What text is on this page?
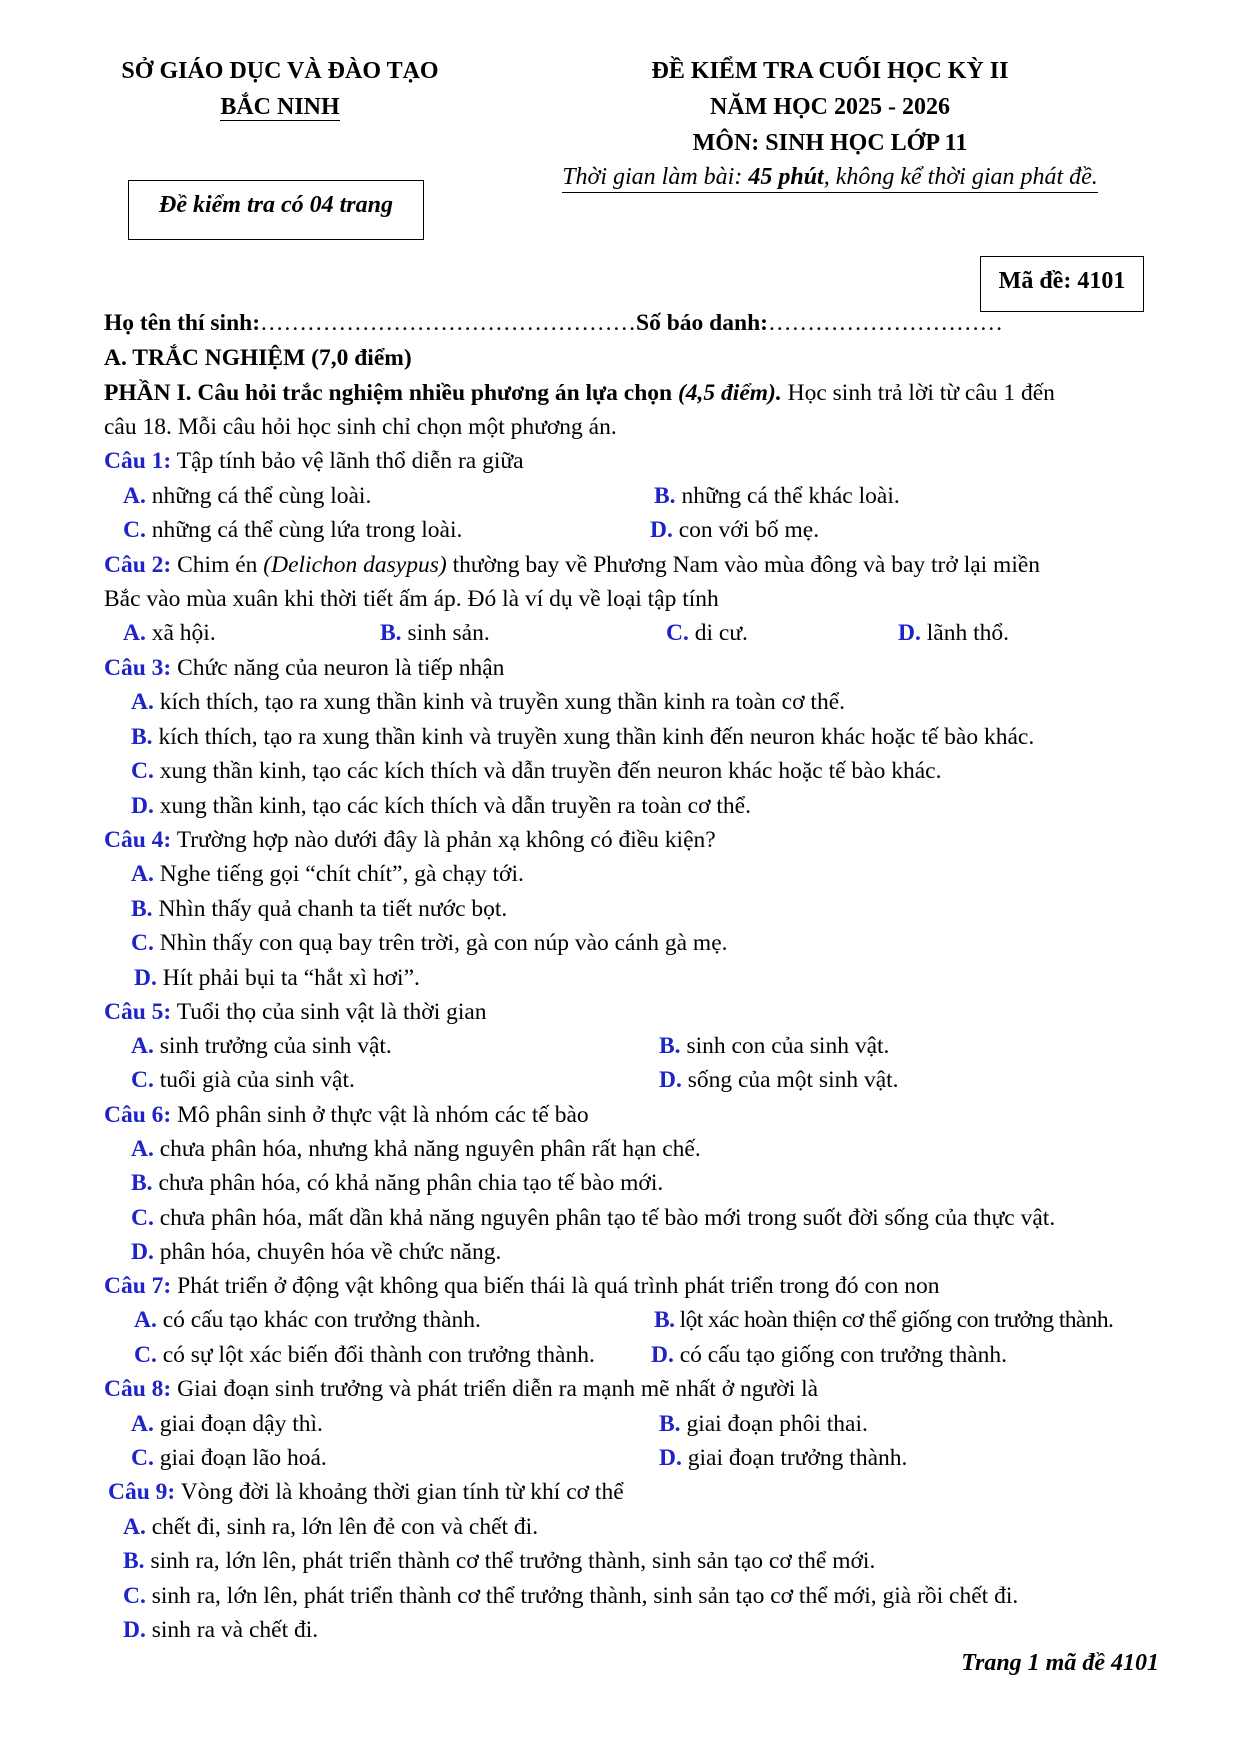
SỞ GIÁO DỤC VÀ ĐÀO TẠO
BẮC NINH
ĐỀ KIỂM TRA CUỐI HỌC KỲ II
NĂM HỌC 2025 - 2026
MÔN: SINH HỌC LỚP 11
Thời gian làm bài: 45 phút, không kể thời gian phát đề.
Đề kiểm tra có 04 trang
Mã đề: 4101
Họ tên thí sinh:…………………………………………Số báo danh:…………………………
A. TRẮC NGHIỆM (7,0 điểm)
PHẦN I. Câu hỏi trắc nghiệm nhiều phương án lựa chọn (4,5 điểm). Học sinh trả lời từ câu 1 đến
câu 18. Mỗi câu hỏi học sinh chỉ chọn một phương án.
Câu 1: Tập tính bảo vệ lãnh thổ diễn ra giữa
A. những cá thể cùng loài.	B. những cá thể khác loài.
C. những cá thể cùng lứa trong loài.	D. con với bố mẹ.
Câu 2: Chim én (Delichon dasypus) thường bay về Phương Nam vào mùa đông và bay trở lại miền
Bắc vào mùa xuân khi thời tiết ấm áp. Đó là ví dụ về loại tập tính
A. xã hội.	B. sinh sản.	C. di cư.	D. lãnh thổ.
Câu 3: Chức năng của neuron là tiếp nhận
A. kích thích, tạo ra xung thần kinh và truyền xung thần kinh ra toàn cơ thể.
B. kích thích, tạo ra xung thần kinh và truyền xung thần kinh đến neuron khác hoặc tế bào khác.
C. xung thần kinh, tạo các kích thích và dẫn truyền đến neuron khác hoặc tế bào khác.
D. xung thần kinh, tạo các kích thích và dẫn truyền ra toàn cơ thể.
Câu 4: Trường hợp nào dưới đây là phản xạ không có điều kiện?
A. Nghe tiếng gọi “chít chít”, gà chạy tới.
B. Nhìn thấy quả chanh ta tiết nước bọt.
C. Nhìn thấy con quạ bay trên trời, gà con núp vào cánh gà mẹ.
D. Hít phải bụi ta “hắt xì hơi”.
Câu 5: Tuổi thọ của sinh vật là thời gian
A. sinh trưởng của sinh vật.	B. sinh con của sinh vật.
C. tuổi già của sinh vật.	D. sống của một sinh vật.
Câu 6: Mô phân sinh ở thực vật là nhóm các tế bào
A. chưa phân hóa, nhưng khả năng nguyên phân rất hạn chế.
B. chưa phân hóa, có khả năng phân chia tạo tế bào mới.
C. chưa phân hóa, mất dần khả năng nguyên phân tạo tế bào mới trong suốt đời sống của thực vật.
D. phân hóa, chuyên hóa về chức năng.
Câu 7: Phát triển ở động vật không qua biến thái là quá trình phát triển trong đó con non
A. có cấu tạo khác con trưởng thành.	B. lột xác hoàn thiện cơ thể giống con trưởng thành.
C. có sự lột xác biến đổi thành con trưởng thành. D. có cấu tạo giống con trưởng thành.
Câu 8: Giai đoạn sinh trưởng và phát triển diễn ra mạnh mẽ nhất ở người là
A. giai đoạn dậy thì.	B. giai đoạn phôi thai.
C. giai đoạn lão hoá.	D. giai đoạn trưởng thành.
Câu 9: Vòng đời là khoảng thời gian tính từ khí cơ thể
A. chết đi, sinh ra, lớn lên đẻ con và chết đi.
B. sinh ra, lớn lên, phát triển thành cơ thể trưởng thành, sinh sản tạo cơ thể mới.
C. sinh ra, lớn lên, phát triển thành cơ thể trưởng thành, sinh sản tạo cơ thể mới, già rồi chết đi.
D. sinh ra và chết đi.
Trang 1 mã đề 4101
